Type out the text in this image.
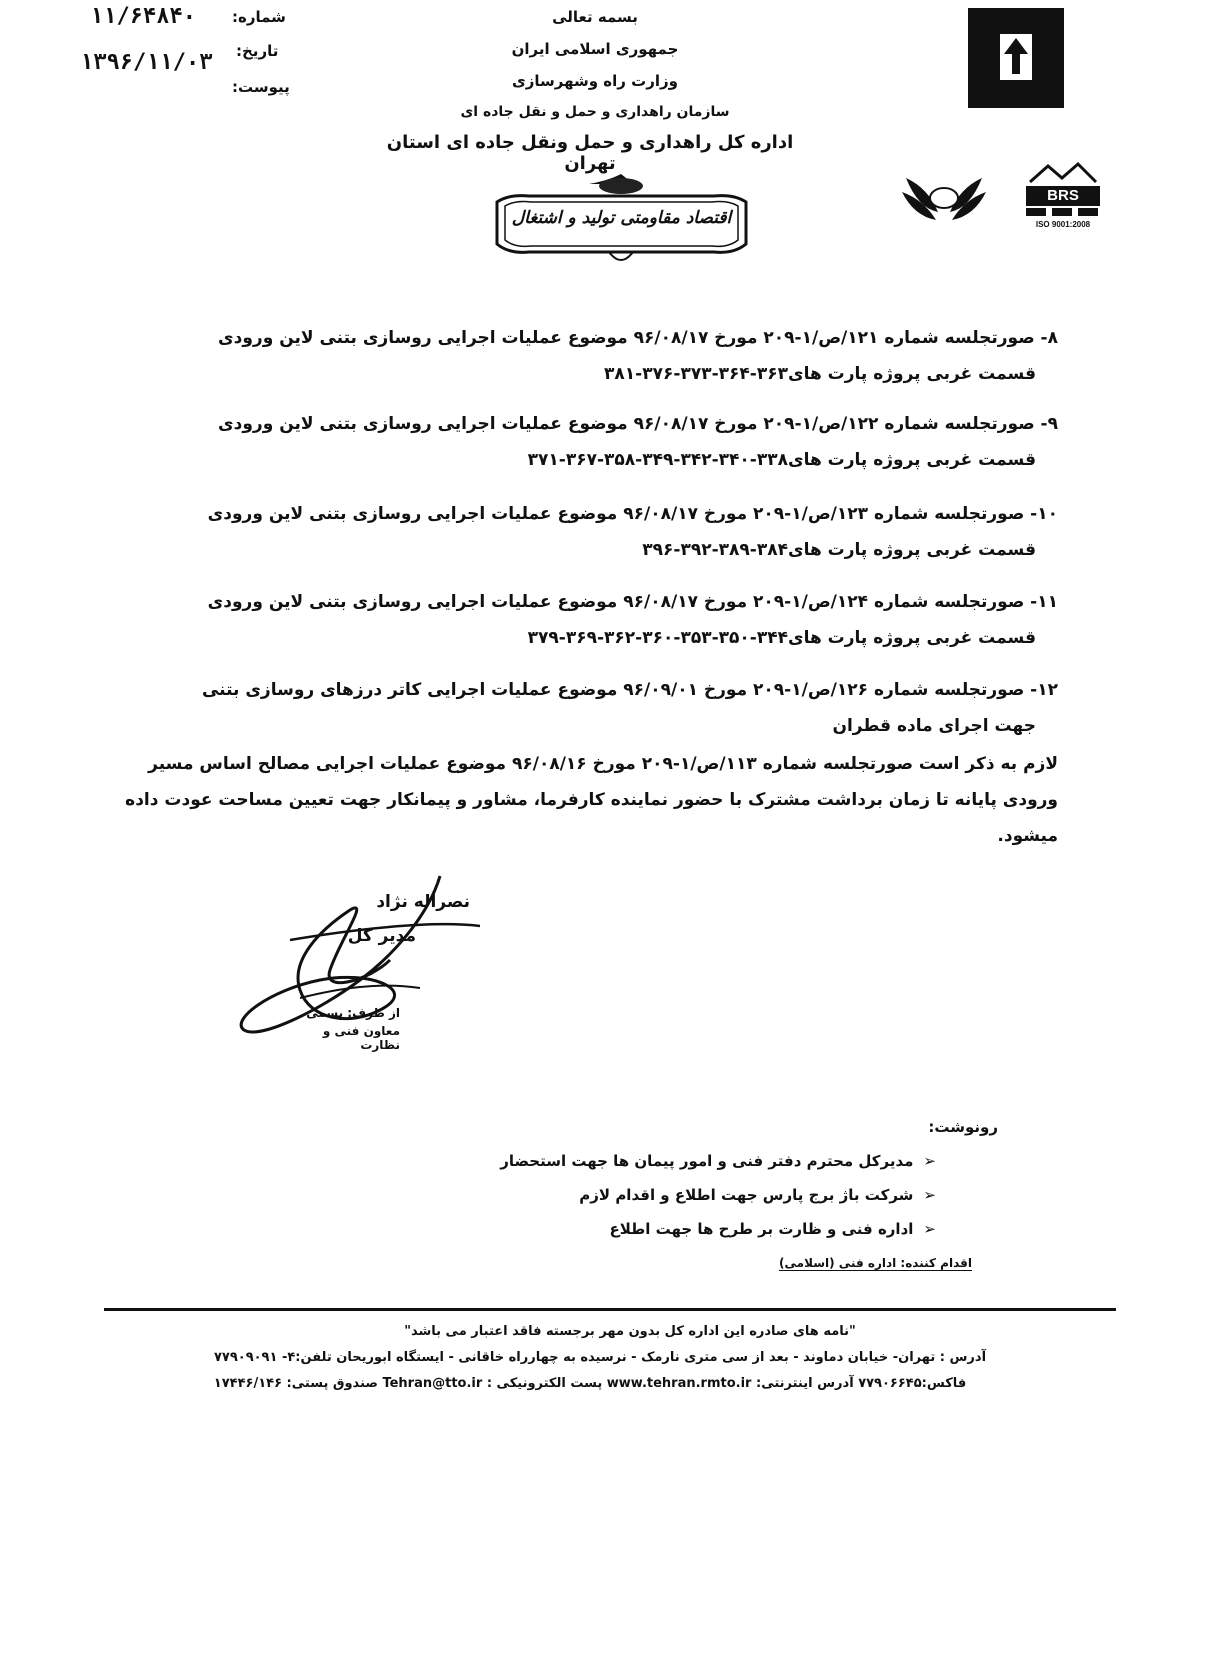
شماره:
۱۱/۶۴۸۴۰
تاریخ:
۱۳۹۶/۱۱/۰۳
پیوست:
بسمه تعالی
جمهوری اسلامی ایران
وزارت راه وشهرسازی
سازمان راهداری و حمل و نقل جاده ای
اداره کل راهداری و حمل ونقل جاده ای استان تهران
اقتصاد مقاومتی تولید و اشتغال
BRS
ISO 9001:2008
۸- صورتجلسه شماره ۱۲۱/ص/۱-۲۰۹ مورخ ۹۶/۰۸/۱۷ موضوع عملیات اجرایی روسازی بتنی لاین ورودی
قسمت غربی پروژه پارت های۳۶۳-۳۶۴-۳۷۳-۳۷۶-۳۸۱
۹- صورتجلسه شماره ۱۲۲/ص/۱-۲۰۹ مورخ ۹۶/۰۸/۱۷ موضوع عملیات اجرایی روسازی بتنی لاین ورودی
قسمت غربی پروژه پارت های۳۳۸-۳۴۰-۳۴۲-۳۴۹-۳۵۸-۳۶۷-۳۷۱
۱۰- صورتجلسه شماره ۱۲۳/ص/۱-۲۰۹ مورخ ۹۶/۰۸/۱۷ موضوع عملیات اجرایی روسازی بتنی لاین ورودی
قسمت غربی پروژه پارت های۳۸۴-۳۸۹-۳۹۲-۳۹۶
۱۱- صورتجلسه شماره ۱۲۴/ص/۱-۲۰۹ مورخ ۹۶/۰۸/۱۷ موضوع عملیات اجرایی روسازی بتنی لاین ورودی
قسمت غربی پروژه پارت های۳۴۴-۳۵۰-۳۵۳-۳۶۰-۳۶۲-۳۶۹-۳۷۹
۱۲- صورتجلسه شماره ۱۲۶/ص/۱-۲۰۹ مورخ ۹۶/۰۹/۰۱ موضوع عملیات اجرایی کاتر درزهای روسازی بتنی
جهت اجرای ماده قطران
لازم به ذکر است صورتجلسه شماره ۱۱۳/ص/۱-۲۰۹ مورخ ۹۶/۰۸/۱۶ موضوع عملیات اجرایی مصالح اساس مسیر
ورودی پایانه تا زمان برداشت مشترک با حضور نماینده کارفرما، مشاور و پیمانکار جهت تعیین مساحت عودت داده
میشود.
نصراله نژاد
مدیر کل
از طرف: بسمی
معاون فنی و نظارت
رونوشت:
➢مدیرکل محترم دفتر فنی و امور پیمان ها جهت استحضار
➢شرکت باژ برج پارس جهت اطلاع و اقدام لازم
➢اداره فنی و ظارت بر طرح ها جهت اطلاع
اقدام کننده: اداره فنی (اسلامی)
"نامه های صادره این اداره کل بدون مهر برجسته فاقد اعتبار می باشد"
آدرس : تهران- خیابان دماوند - بعد از سی متری نارمک - نرسیده به چهارراه خاقانی - ایستگاه ابوریحان تلفن:۴- ۷۷۹۰۹۰۹۱
فاکس:۷۷۹۰۶۶۴۵ آدرس اینترنتی: www.tehran.rmto.ir پست الکترونیکی : Tehran@tto.ir صندوق پستی: ۱۷۴۴۶/۱۴۶
